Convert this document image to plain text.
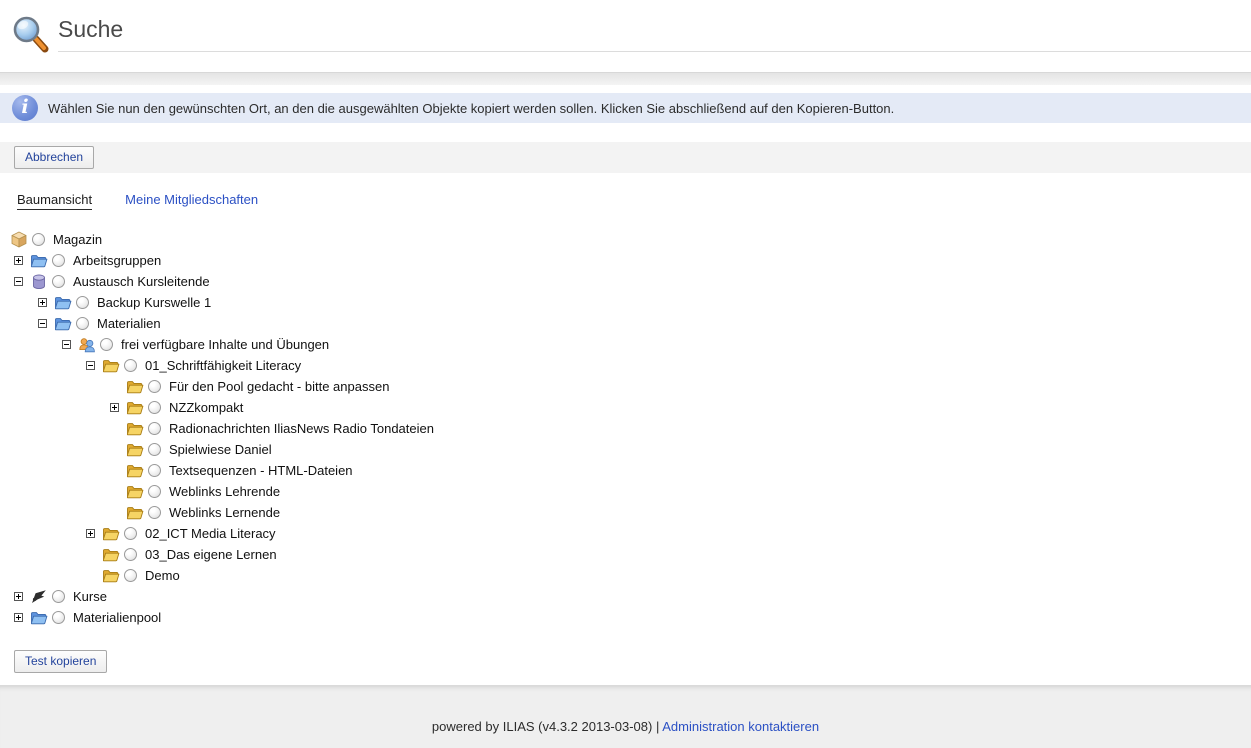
Suche
i	Wählen Sie nun den gewünschten Ort, an den die ausgewählten Objekte kopiert werden sollen. Klicken Sie abschließend auf den Kopieren-Button.
Abbrechen
Baumansicht	Meine Mitgliedschaften
Magazin
Arbeitsgruppen
Austausch Kursleitende
Backup Kurswelle 1
Materialien
frei verfügbare Inhalte und Übungen
01_Schriftfähigkeit Literacy
Für den Pool gedacht - bitte anpassen
NZZkompakt
Radionachrichten IliasNews Radio Tondateien
Spielwiese Daniel
Textsequenzen - HTML-Dateien
Weblinks Lehrende
Weblinks Lernende
02_ICT Media Literacy
03_Das eigene Lernen
Demo
Kurse
Materialienpool
Test kopieren
powered by ILIAS (v4.3.2 2013-03-08) | Administration kontaktieren
